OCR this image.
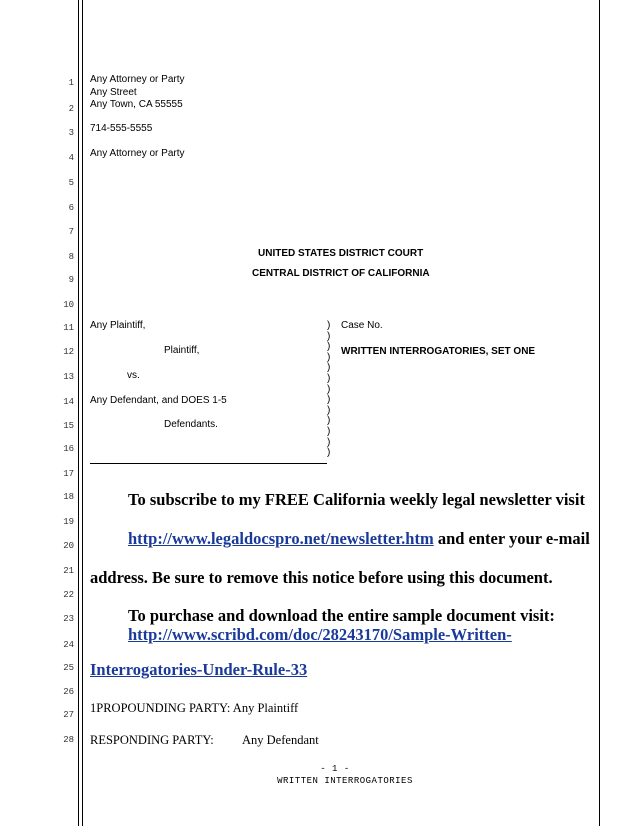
1
2
3
4
5
6
7
8
9
10
11
12
13
14
15
16
17
18
19
20
21
22
23
24
25
26
27
28
Any Attorney or Party
Any Street
Any Town, CA 55555
714-555-5555
Any Attorney or Party
UNITED STATES DISTRICT COURT
CENTRAL DISTRICT OF CALIFORNIA
Any Plaintiff,
Plaintiff,
vs.
Any Defendant, and DOES 1-5
Defendants.
)
)
)
)
)
)
)
)
)
)
)
)
)
Case No.
WRITTEN INTERROGATORIES, SET ONE
To subscribe to my FREE California weekly legal newsletter visit
http://www.legaldocspro.net/newsletter.htm and enter your e-mail
address. Be sure to remove this notice before using this document.
To purchase and download the entire sample document visit:
http://www.scribd.com/doc/28243170/Sample-Written-
Interrogatories-Under-Rule-33
1PROPOUNDING PARTY: Any Plaintiff
RESPONDING PARTY: Any Defendant
- 1 -
WRITTEN INTERROGATORIES
